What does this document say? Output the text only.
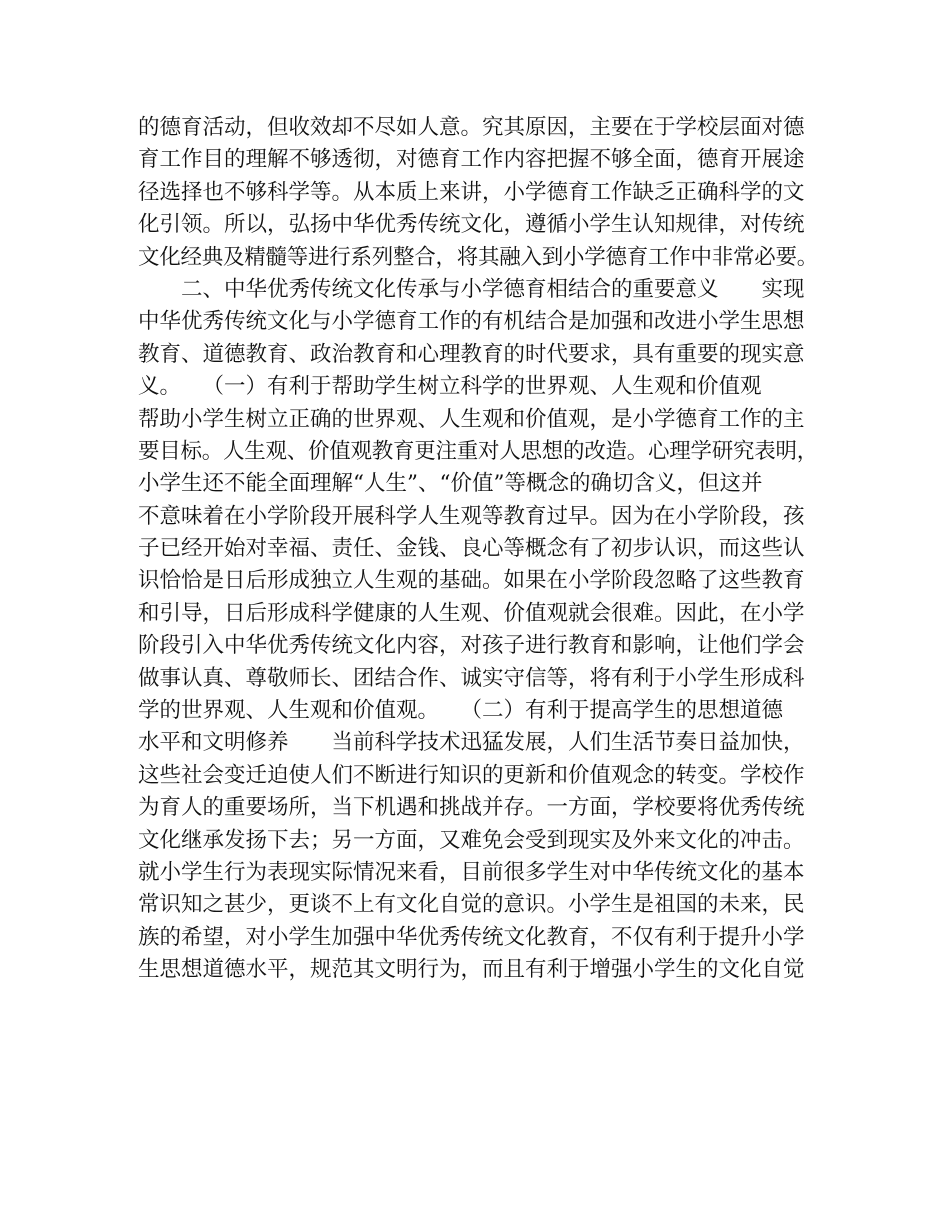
的德育活动，但收效却不尽如人意。究其原因，主要在于学校层面对德
育工作目的理解不够透彻，对德育工作内容把握不够全面，德育开展途
径选择也不够科学等。从本质上来讲，小学德育工作缺乏正确科学的文
化引领。所以，弘扬中华优秀传统文化，遵循小学生认知规律，对传统
文化经典及精髓等进行系列整合，将其融入到小学德育工作中非常必要。
二、中华优秀传统文化传承与小学德育相结合的重要意义　　实现
中华优秀传统文化与小学德育工作的有机结合是加强和改进小学生思想
教育、道德教育、政治教育和心理教育的时代要求，具有重要的现实意
义。　　（一）有利于帮助学生树立科学的世界观、人生观和价值观
帮助小学生树立正确的世界观、人生观和价值观，是小学德育工作的主
要目标。人生观、价值观教育更注重对人思想的改造。心理学研究表明，
小学生还不能全面理解“人生”、“价值”等概念的确切含义，但这并
不意味着在小学阶段开展科学人生观等教育过早。因为在小学阶段，孩
子已经开始对幸福、责任、金钱、良心等概念有了初步认识，而这些认
识恰恰是日后形成独立人生观的基础。如果在小学阶段忽略了这些教育
和引导，日后形成科学健康的人生观、价值观就会很难。因此，在小学
阶段引入中华优秀传统文化内容，对孩子进行教育和影响，让他们学会
做事认真、尊敬师长、团结合作、诚实守信等，将有利于小学生形成科
学的世界观、人生观和价值观。　　（二）有利于提高学生的思想道德
水平和文明修养　　当前科学技术迅猛发展，人们生活节奏日益加快，
这些社会变迁迫使人们不断进行知识的更新和价值观念的转变。学校作
为育人的重要场所，当下机遇和挑战并存。一方面，学校要将优秀传统
文化继承发扬下去；另一方面，又难免会受到现实及外来文化的冲击。
就小学生行为表现实际情况来看，目前很多学生对中华传统文化的基本
常识知之甚少，更谈不上有文化自觉的意识。小学生是祖国的未来，民
族的希望，对小学生加强中华优秀传统文化教育，不仅有利于提升小学
生思想道德水平，规范其文明行为，而且有利于增强小学生的文化自觉
